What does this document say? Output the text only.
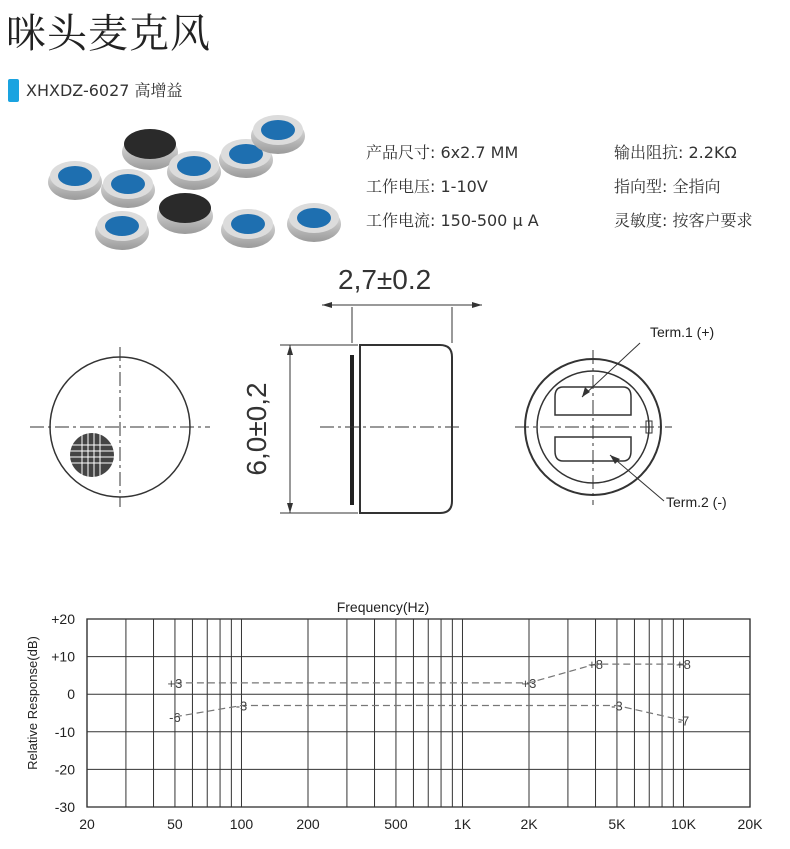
咪头麦克风
XHXDZ-6027 高增益
产品尺寸: 6x2.7 MM
工作电压: 1-10V
工作电流: 150-500 μ A
输出阻抗: 2.2KΩ
指向型: 全指向
灵敏度: 按客户要求
2,7±0.2
6,0±0,2
Term.1 (+)
Term.2 (-)
Frequency(Hz)
Relative Response(dB)
+20
+10
0
-10
-20
-30
20	50	100	200	500	1K	2K	5K	10K	20K
+3
-6
-3
+3
+8	+8
-3
-7
